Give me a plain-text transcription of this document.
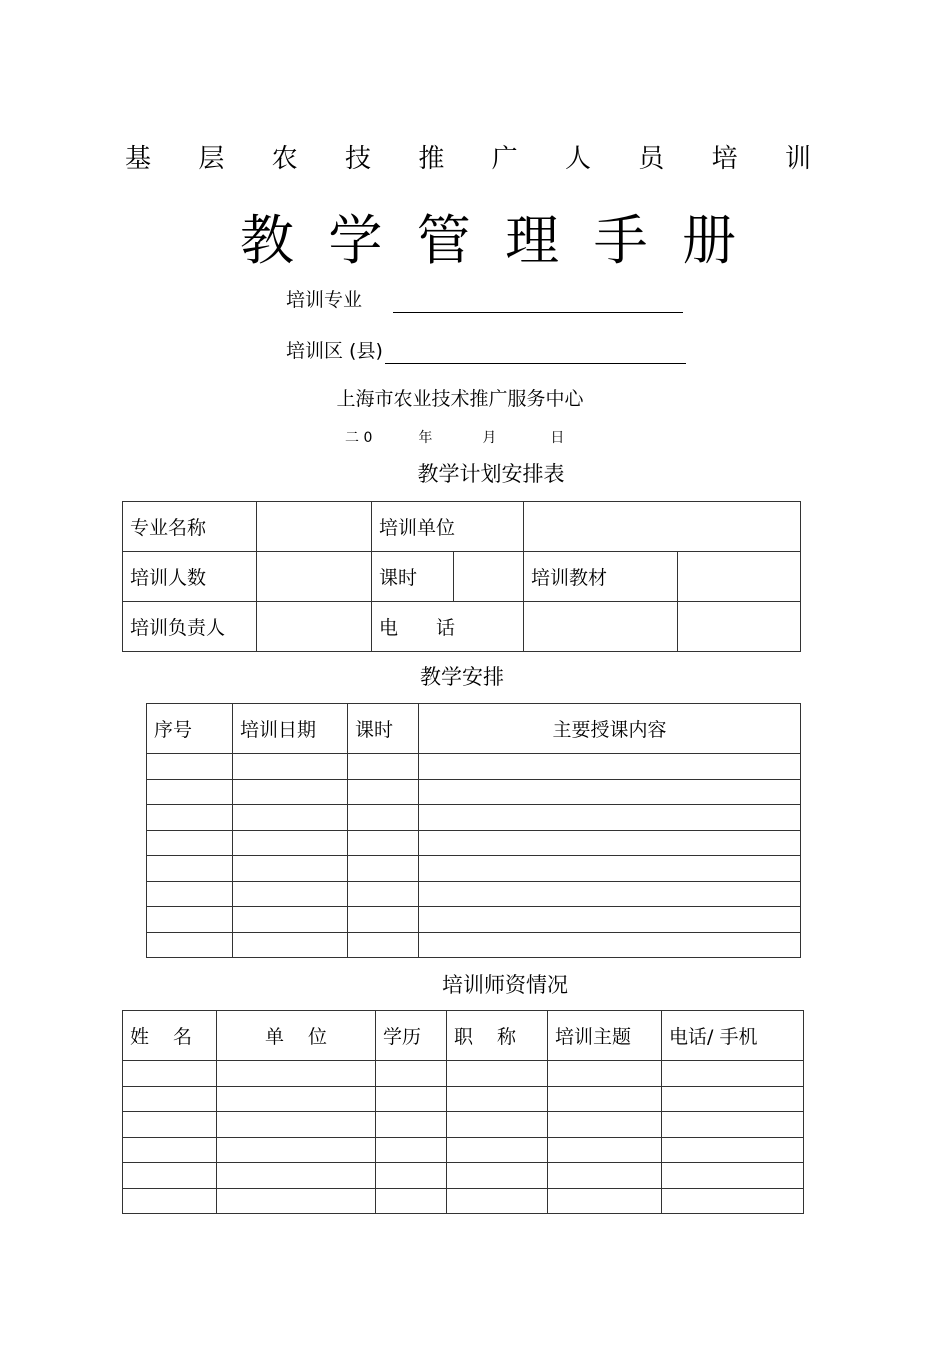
基 层 农 技 推 广 人 员 培 训
教 学 管 理 手 册
培训专业
培训区 (县)
上海市农业技术推广服务中心
二 0	年	月	日
教学计划安排表
专业名称		培训单位			
培训人数		课时		培训教材	
培训负责人		电 话			
教学安排
序号	培训日期	课时	主要授课内容

培训师资情况
姓 名	单 位	学历	职 称	培训主题	电话/ 手机
